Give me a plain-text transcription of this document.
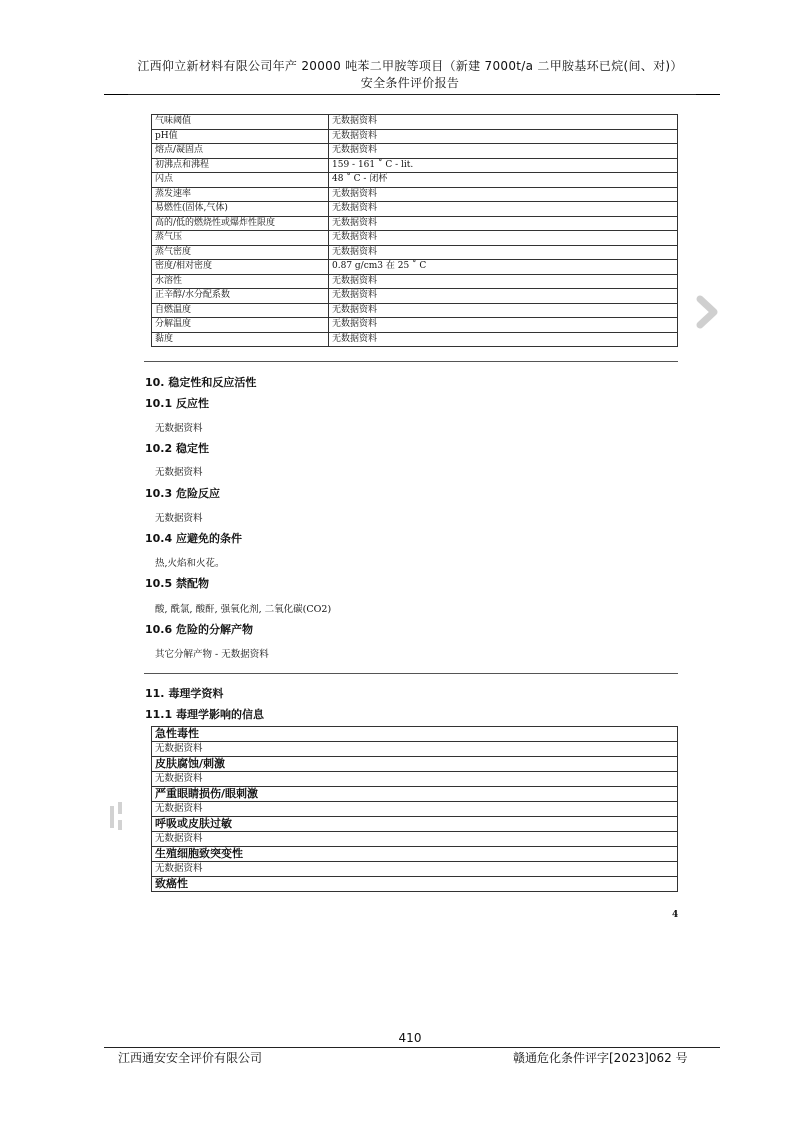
江西仰立新材料有限公司年产 20000 吨苯二甲胺等项目（新建 7000t/a 二甲胺基环已烷(间、对)）
安全条件评价报告
气味阈值	无数据资料
pH值	无数据资料
熔点/凝固点	无数据资料
初沸点和沸程	159 - 161 ˚ C - lit.
闪点	48 ˚ C - 闭杯
蒸发速率	无数据资料
易燃性(固体,气体)	无数据资料
高的/低的燃烧性或爆炸性限度	无数据资料
蒸气压	无数据资料
蒸气密度	无数据资料
密度/相对密度	0.87 g/cm3 在 25 ˚ C
水溶性	无数据资料
正辛醇/水分配系数	无数据资料
自燃温度	无数据资料
分解温度	无数据资料
黏度	无数据资料
10. 稳定性和反应活性
10.1 反应性
无数据资料
10.2 稳定性
无数据资料
10.3 危险反应
无数据资料
10.4 应避免的条件
热,火焰和火花。
10.5 禁配物
酸, 酰氯, 酸酐, 强氧化剂, 二氧化碳(CO2)
10.6 危险的分解产物
其它分解产物 - 无数据资料
11. 毒理学资料
11.1 毒理学影响的信息
急性毒性
无数据资料
皮肤腐蚀/刺激
无数据资料
严重眼睛损伤/眼刺激
无数据资料
呼吸或皮肤过敏
无数据资料
生殖细胞致突变性
无数据资料
致癌性
4
410
江西通安安全评价有限公司	赣通危化条件评字[2023]062 号
